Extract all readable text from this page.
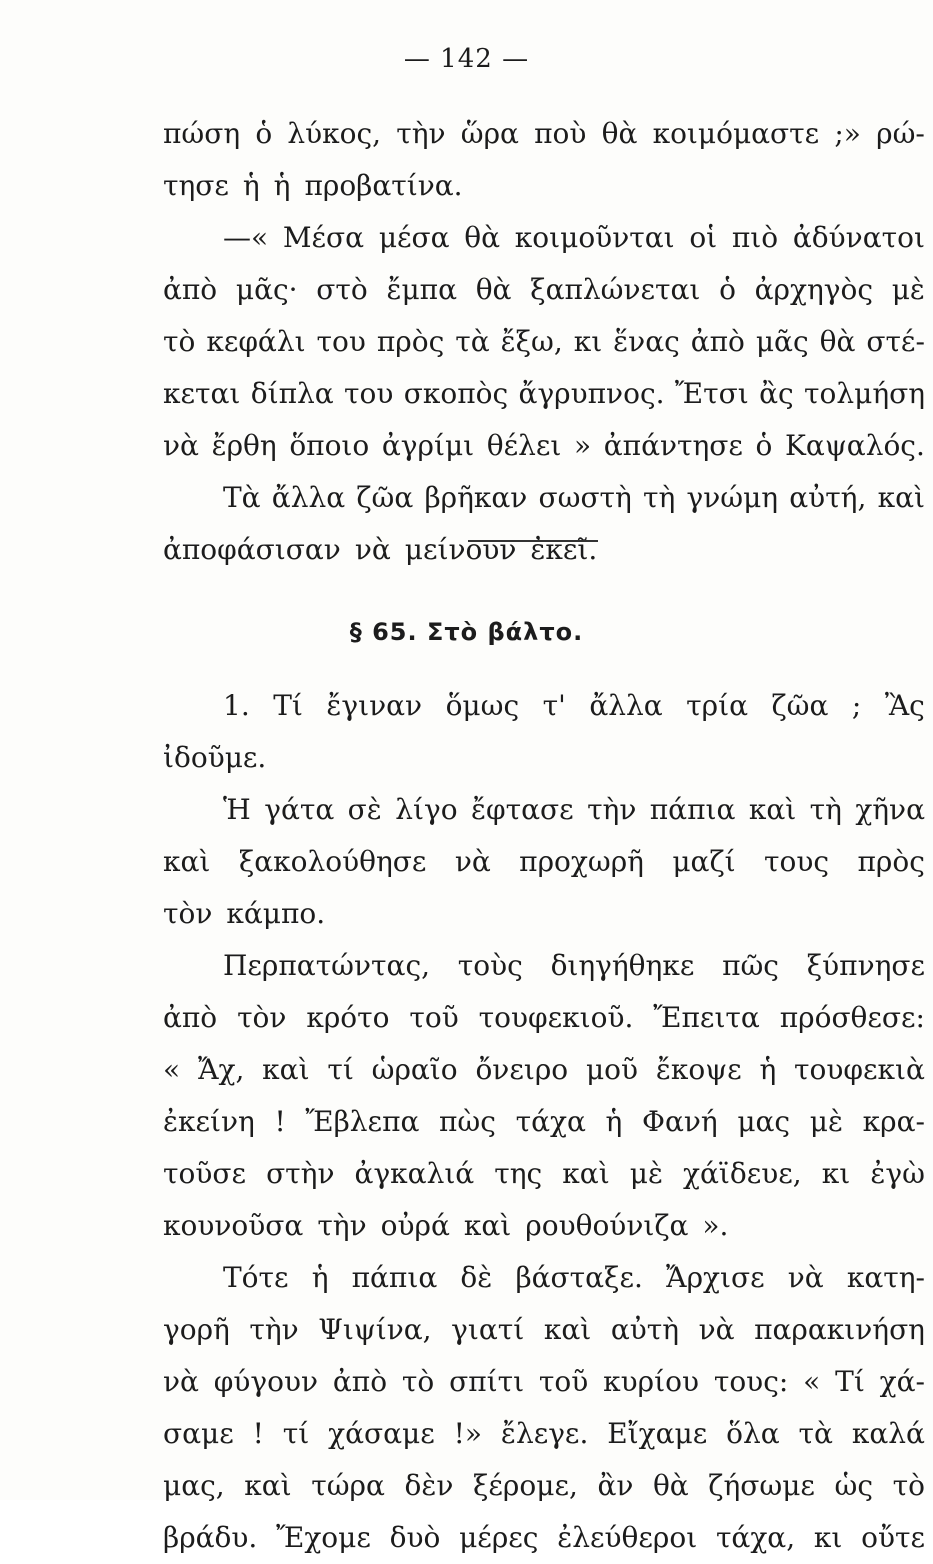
— 142 —
πώση ὁ λύκος, τὴν ὥρα ποὺ θὰ κοιμόμαστε ;» ρώ-
τησε ἡ ἡ προβατίνα.
—« Μέσα μέσα θὰ κοιμοῦνται οἱ πιὸ ἀδύνατοι
ἀπὸ μᾶς· στὸ ἔμπα θὰ ξαπλώνεται ὁ ἀρχηγὸς μὲ
τὸ κεφάλι του πρὸς τὰ ἔξω, κι ἕνας ἀπὸ μᾶς θὰ στέ-
κεται δίπλα του σκοπὸς ἄγρυπνος. Ἔτσι ἂς τολμήση
νὰ ἔρθη ὅποιο ἀγρίμι θέλει » ἀπάντησε ὁ Καψαλός.
Τὰ ἄλλα ζῶα βρῆκαν σωστὴ τὴ γνώμη αὐτή, καὶ
ἀποφάσισαν νὰ μείνουν ἐκεῖ.
§ 65. Στὸ βάλτο.
1. Τί ἔγιναν ὅμως τ' ἄλλα τρία ζῶα ; Ἂς
ἰδοῦμε.
Ἡ γάτα σὲ λίγο ἔφτασε τὴν πάπια καὶ τὴ χῆνα
καὶ ξακολούθησε νὰ προχωρῆ μαζί τους πρὸς
τὸν κάμπο.
Περπατώντας, τοὺς διηγήθηκε πῶς ξύπνησε
ἀπὸ τὸν κρότο τοῦ τουφεκιοῦ. Ἔπειτα πρόσθεσε:
« Ἄχ, καὶ τί ὡραῖο ὄνειρο μοῦ ἔκοψε ἡ τουφεκιὰ
ἐκείνη ! Ἔβλεπα πὼς τάχα ἡ Φανή μας μὲ κρα-
τοῦσε στὴν ἀγκαλιά της καὶ μὲ χάϊδευε, κι ἐγὼ
κουνοῦσα τὴν οὐρά καὶ ρουθούνιζα ».
Τότε ἡ πάπια δὲ βάσταξε. Ἄρχισε νὰ κατη-
γορῆ τὴν Ψιψίνα, γιατί καὶ αὐτὴ νὰ παρακινήση
νὰ φύγουν ἀπὸ τὸ σπίτι τοῦ κυρίου τους: « Τί χά-
σαμε ! τί χάσαμε !» ἔλεγε. Εἴχαμε ὅλα τὰ καλά
μας, καὶ τώρα δὲν ξέρομε, ἂν θὰ ζήσωμε ὡς τὸ
βράδυ. Ἔχομε δυὸ μέρες ἐλεύθεροι τάχα, κι οὔτε
